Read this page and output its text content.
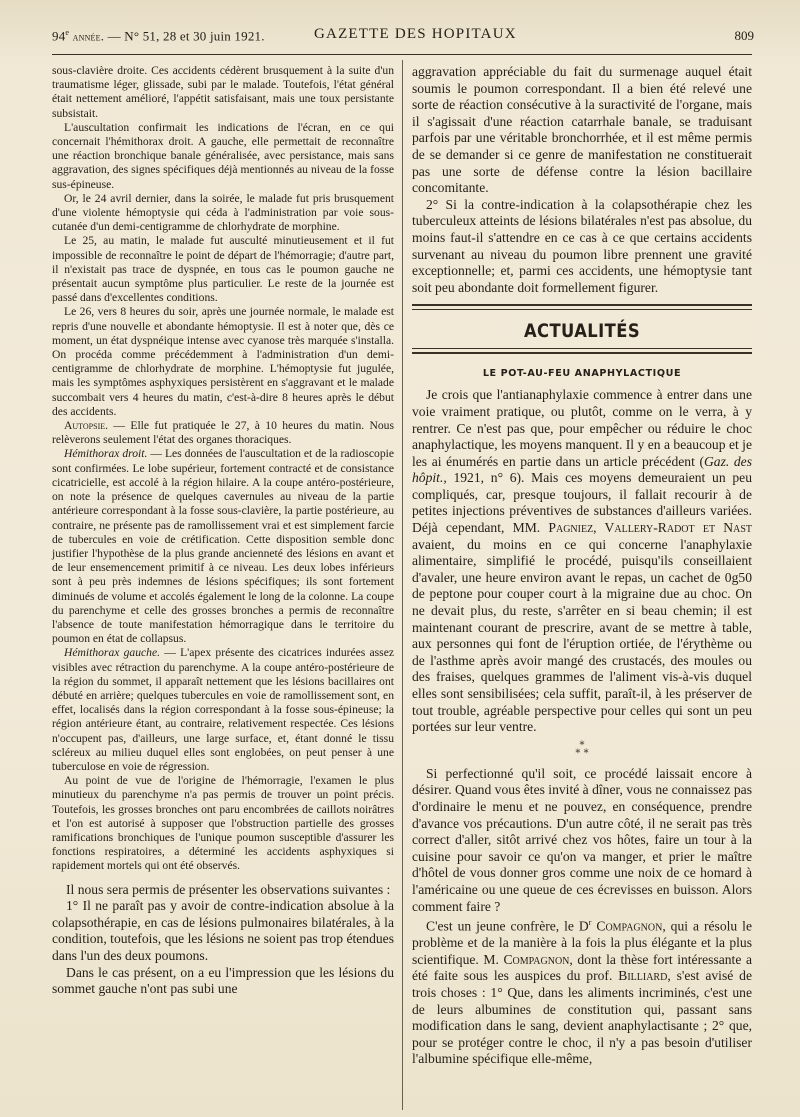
94e année. — N° 51, 28 et 30 juin 1921.	GAZETTE DES HOPITAUX	809

sous-clavière droite. Ces accidents cédèrent brusquement à la suite d'un traumatisme léger, glissade, subi par le malade. Toutefois, l'état général était nettement amélioré, l'appétit satisfaisant, mais une toux persistante subsistait.

L'auscultation confirmait les indications de l'écran, en ce qui concernait l'hémithorax droit. A gauche, elle permettait de reconnaître une réaction bronchique banale généralisée, avec persistance, mais sans aggravation, des signes spécifiques déjà mentionnés au niveau de la fosse sus-épineuse.

Or, le 24 avril dernier, dans la soirée, le malade fut pris brusquement d'une violente hémoptysie qui céda à l'administration par voie sous-cutanée d'un demi-centigramme de chlorhydrate de morphine.

Le 25, au matin, le malade fut ausculté minutieusement et il fut impossible de reconnaître le point de départ de l'hémorragie; d'autre part, il n'existait pas trace de dyspnée, en tous cas le poumon gauche ne présentait aucun symptôme plus particulier. Le reste de la journée est passé dans d'excellentes conditions.

Le 26, vers 8 heures du soir, après une journée normale, le malade est repris d'une nouvelle et abondante hémoptysie. Il est à noter que, dès ce moment, un état dyspnéique intense avec cyanose très marquée s'installa. On procéda comme précédemment à l'administration d'un demi-centigramme de chlorhydrate de morphine. L'hémoptysie fut jugulée, mais les symptômes asphyxiques persistèrent en s'aggravant et le malade succombait vers 4 heures du matin, c'est-à-dire 8 heures après le début des accidents.

Autopsie. — Elle fut pratiquée le 27, à 10 heures du matin. Nous relèverons seulement l'état des organes thoraciques.

Hémithorax droit. — Les données de l'auscultation et de la radioscopie sont confirmées. Le lobe supérieur, fortement contracté et de consistance cicatricielle, est accolé à la région hilaire. A la coupe antéro-postérieure, on note la présence de quelques cavernules au niveau de la partie antérieure correspondant à la fosse sous-clavière, la partie postérieure, au contraire, ne présente pas de ramollissement vrai et est simplement farcie de tubercules en voie de crétification. Cette disposition semble donc justifier l'hypothèse de la plus grande ancienneté des lésions en avant et de leur ensemencement primitif à ce niveau. Les deux lobes inférieurs sont à peu près indemnes de lésions spécifiques; ils sont fortement diminués de volume et accolés également le long de la colonne. La coupe du parenchyme et celle des grosses bronches a permis de reconnaître l'absence de toute manifestation hémorragique dans le territoire du poumon en état de collapsus.

Hémithorax gauche. — L'apex présente des cicatrices indurées assez visibles avec rétraction du parenchyme. A la coupe antéro-postérieure de la région du sommet, il apparaît nettement que les lésions bacillaires ont débuté en arrière; quelques tubercules en voie de ramollissement sont, en effet, localisés dans la région correspondant à la fosse sous-épineuse; la région antérieure étant, au contraire, relativement respectée. Ces lésions n'occupent pas, d'ailleurs, une large surface, et, étant donné le tissu scléreux au milieu duquel elles sont englobées, on peut penser à une tuberculose en voie de régression.

Au point de vue de l'origine de l'hémorragie, l'examen le plus minutieux du parenchyme n'a pas permis de trouver un point précis. Toutefois, les grosses bronches ont paru encombrées de caillots noirâtres et l'on est autorisé à supposer que l'obstruction partielle des grosses ramifications bronchiques de l'unique poumon susceptible d'assurer les fonctions respiratoires, a déterminé les accidents asphyxiques si rapidement mortels qui ont été observés.

Il nous sera permis de présenter les observations suivantes :

1° Il ne paraît pas y avoir de contre-indication absolue à la colapsothérapie, en cas de lésions pulmonaires bilatérales, à la condition, toutefois, que les lésions ne soient pas trop étendues dans l'un des deux poumons.

Dans le cas présent, on a eu l'impression que les lésions du sommet gauche n'ont pas subi une

aggravation appréciable du fait du surmenage auquel était soumis le poumon correspondant. Il a bien été relevé une sorte de réaction consécutive à la suractivité de l'organe, mais il s'agissait d'une réaction catarrhale banale, se traduisant parfois par une véritable bronchorrhée, et il est même permis de se demander si ce genre de manifestation ne constituerait pas une sorte de défense contre la lésion bacillaire concomitante.

2° Si la contre-indication à la colapsothérapie chez les tuberculeux atteints de lésions bilatérales n'est pas absolue, du moins faut-il s'attendre en ce cas à ce que certains accidents survenant au niveau du poumon libre prennent une gravité exceptionnelle; et, parmi ces accidents, une hémoptysie tant soit peu abondante doit formellement figurer.

ACTUALITÉS
LE POT-AU-FEU ANAPHYLACTIQUE

Je crois que l'antianaphylaxie commence à entrer dans une voie vraiment pratique, ou plutôt, comme on le verra, à y rentrer. Ce n'est pas que, pour empêcher ou réduire le choc anaphylactique, les moyens manquent. Il y en a beaucoup et je les ai énumérés en partie dans un article précédent (Gaz. des hôpit., 1921, n° 6). Mais ces moyens demeuraient un peu compliqués, car, presque toujours, il fallait recourir à de petites injections préventives de substances d'ailleurs variées. Déjà cependant, MM. Pagniez, Vallery-Radot et Nast avaient, du moins en ce qui concerne l'anaphylaxie alimentaire, simplifié le procédé, puisqu'ils conseillaient d'avaler, une heure environ avant le repas, un cachet de 0g50 de peptone pour couper court à la migraine due au choc. On ne devait plus, du reste, s'arrêter en si beau chemin; il est maintenant courant de prescrire, avant de se mettre à table, aux personnes qui font de l'éruption ortiée, de l'érythème ou de l'asthme après avoir mangé des crustacés, des moules ou des fraises, quelques grammes de l'aliment vis-à-vis duquel elles sont sensibilisées; cela suffit, paraît-il, à les préserver de tout trouble, agréable perspective pour celles qui sont un peu portées sur leur ventre.

*
* *

Si perfectionné qu'il soit, ce procédé laissait encore à désirer. Quand vous êtes invité à dîner, vous ne connaissez pas d'ordinaire le menu et ne pouvez, en conséquence, prendre d'avance vos précautions. D'un autre côté, il ne serait pas très correct d'aller, sitôt arrivé chez vos hôtes, faire un tour à la cuisine pour savoir ce qu'on va manger, et prier le maître d'hôtel de vous donner gros comme une noix de ce homard à l'américaine ou une queue de ces écrevisses en buisson. Alors comment faire ?

C'est un jeune confrère, le $D^r$ Compagnon, qui a résolu le problème et de la manière à la fois la plus élégante et la plus scientifique. M. Compagnon, dont la thèse fort intéressante a été faite sous les auspices du prof. Billiard, s'est avisé de trois choses : 1° Que, dans les aliments incriminés, c'est une de leurs albumines de constitution qui, passant sans modification dans le sang, devient anaphylactisante ; 2° que, pour se protéger contre le choc, il n'y a pas besoin d'utiliser l'albumine spécifique elle-même,
